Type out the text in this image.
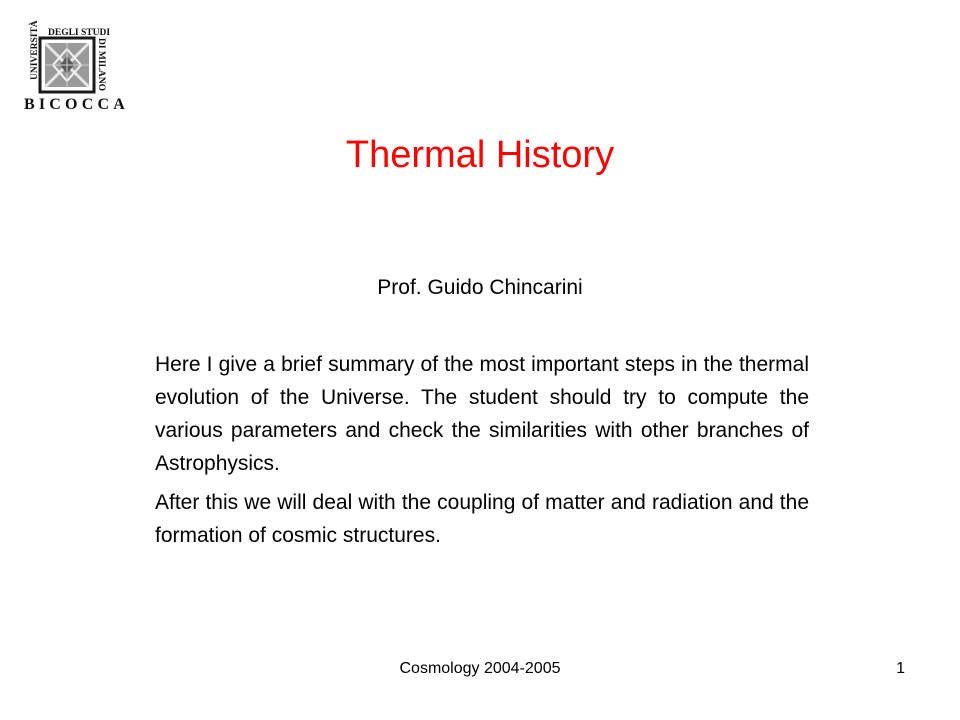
DEGLI STUDI
UNIVERSITÀ	DI MILANO
BICOCCA
Thermal History
Prof. Guido Chincarini

Here I give a brief summary of the most important steps in the thermal evolution of the Universe. The student should try to compute the various parameters and check the similarities with other branches of Astrophysics.

After this we will deal with the coupling of matter and radiation and the formation of cosmic structures.

Cosmology 2004-2005	1
